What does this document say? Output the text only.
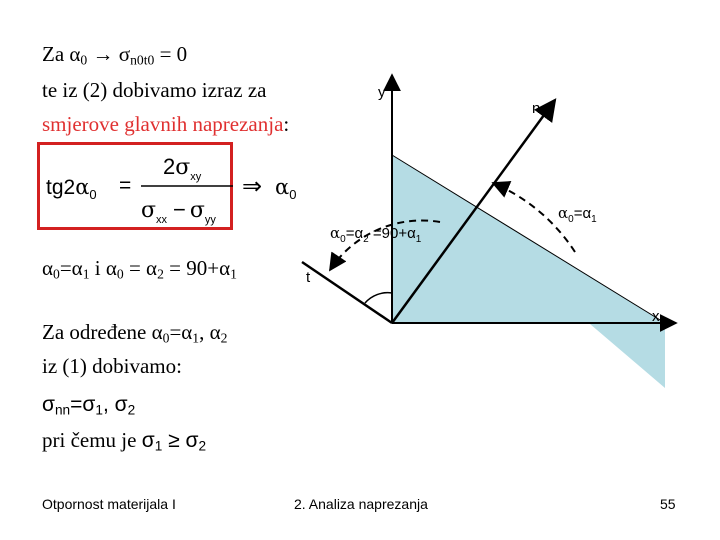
Za $\alpha_0 \to \sigma_{n0t0} = 0$
te iz (2) dobivamo izraz za
smjerove glavnih naprezanja:
$tg2\alpha_0$ =
$2\sigma_{xy}$
$\sigma_{xx} - \sigma_{yy}$
⇒ $\alpha_0$
$\alpha_0=\alpha_1$ i $\alpha_0 = \alpha_2 = 90+\alpha_1$
Za određene $\alpha_0=\alpha_1$, $\alpha_2$
iz (1) dobivamo:
$\sigma_{nn}=\sigma_1$, $\sigma_2$
pri čemu je $\sigma_1 \ge \sigma_2$
y
x
n
t
$\alpha_0=\alpha_1$
$\alpha_0=\alpha_2 =90+\alpha_1$
Otpornost materijala I	2. Analiza naprezanja	55
